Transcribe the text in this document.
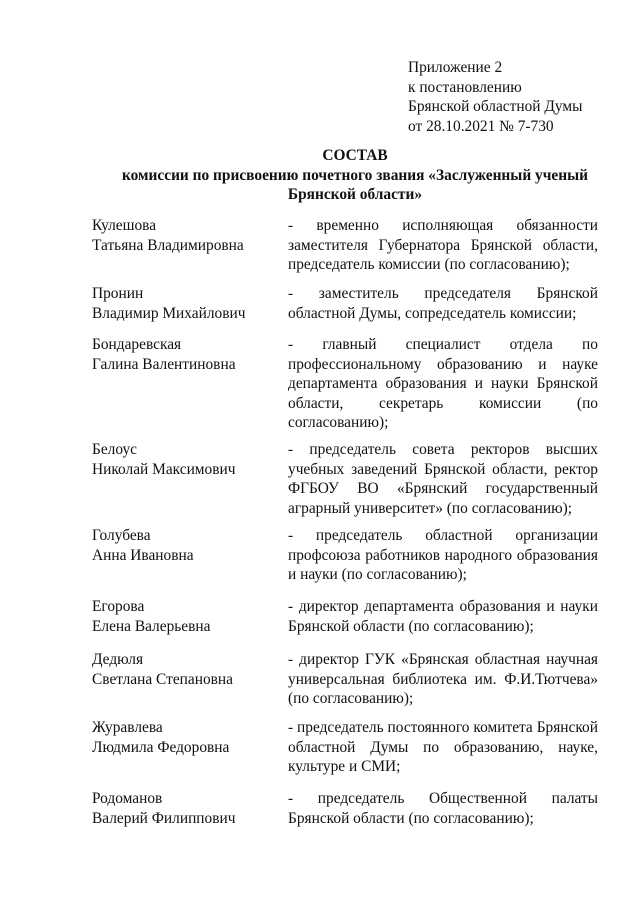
Приложение 2
к постановлению
Брянской областной Думы
от 28.10.2021 № 7-730
СОСТАВ
комиссии по присвоению почетного звания «Заслуженный ученый
Брянской области»
Кулешова
Татьяна Владимировна
- временно исполняющая обязанности заместителя Губернатора Брянской области, председатель комиссии (по согласованию);
Пронин
Владимир Михайлович
- заместитель председателя Брянской областной Думы, сопредседатель комиссии;
Бондаревская
Галина Валентиновна
- главный специалист отдела по профессиональному образованию и науке департамента образования и науки Брянской области, секретарь комиссии (по согласованию);
Белоус
Николай Максимович
- председатель совета ректоров высших учебных заведений Брянской области, ректор ФГБОУ ВО «Брянский государственный аграрный университет» (по согласованию);
Голубева
Анна Ивановна
- председатель областной организации профсоюза работников народного образования и науки (по согласованию);
Егорова
Елена Валерьевна
- директор департамента образования и науки Брянской области (по согласованию);
Дедюля
Светлана Степановна
- директор ГУК «Брянская областная научная универсальная библиотека им. Ф.И.Тютчева» (по согласованию);
Журавлева
Людмила Федоровна
- председатель постоянного комитета Брянской областной Думы по образованию, науке, культуре и СМИ;
Родоманов
Валерий Филиппович
- председатель Общественной палаты Брянской области (по согласованию);
